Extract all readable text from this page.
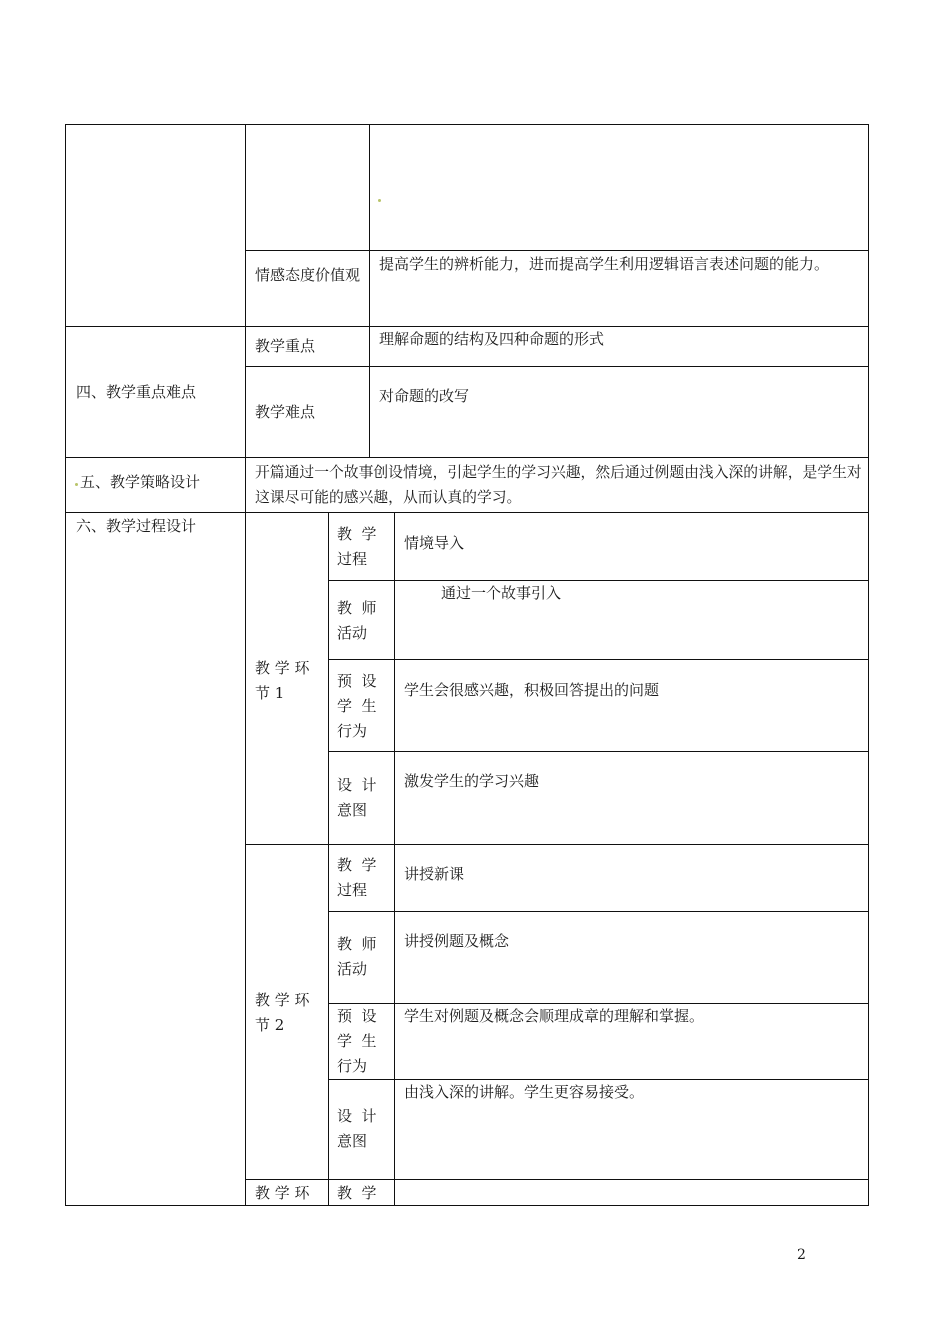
情感态度价值观
提高学生的辨析能力，进而提高学生利用逻辑语言表述问题的能力。
四、教学重点难点
教学重点	理解命题的结构及四种命题的形式
教学难点
对命题的改写
五、教学策略设计
开篇通过一个故事创设情境，引起学生的学习兴趣，然后通过例题由浅入深的讲解，是学生对这课尽可能的感兴趣，从而认真的学习。
六、教学过程设计
教 学 环
节 1
教  学
过程
情境导入
教  师
活动
通过一个故事引入
预  设
学  生
行为
学生会很感兴趣，积极回答提出的问题
设  计
意图
激发学生的学习兴趣
教 学 环
节 2
教  学
过程
讲授新课
教  师
活动
讲授例题及概念
预  设
学  生
行为
学生对例题及概念会顺理成章的理解和掌握。
设  计
意图
由浅入深的讲解。学生更容易接受。
教 学 环 教  学
2
